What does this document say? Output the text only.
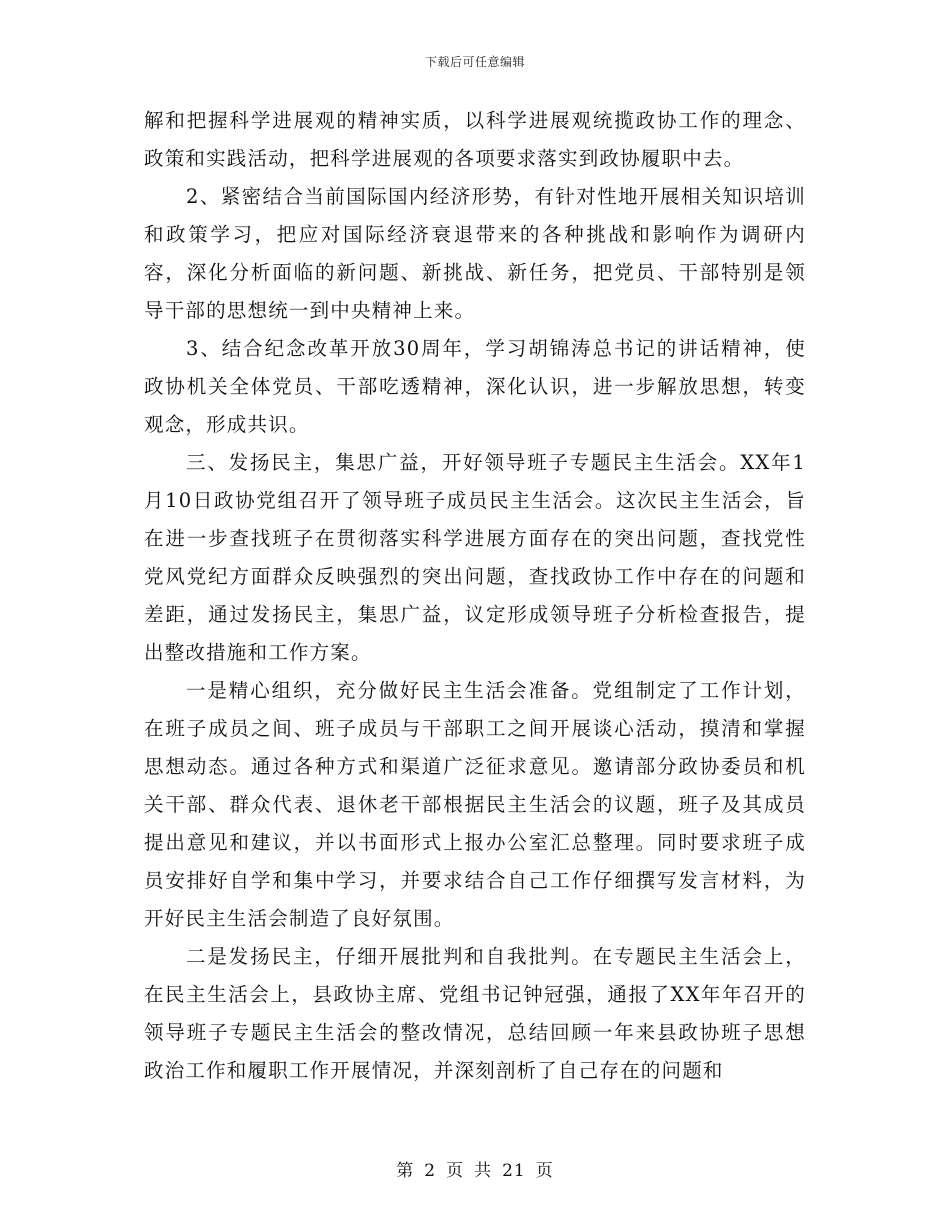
下载后可任意编辑

解和把握科学进展观的精神实质，以科学进展观统揽政协工作的理念、政策和实践活动，把科学进展观的各项要求落实到政协履职中去。

2、紧密结合当前国际国内经济形势，有针对性地开展相关知识培训和政策学习，把应对国际经济衰退带来的各种挑战和影响作为调研内容，深化分析面临的新问题、新挑战、新任务，把党员、干部特别是领导干部的思想统一到中央精神上来。

3、结合纪念改革开放30周年，学习胡锦涛总书记的讲话精神，使政协机关全体党员、干部吃透精神，深化认识，进一步解放思想，转变观念，形成共识。

三、发扬民主，集思广益，开好领导班子专题民主生活会。XX年1月10日政协党组召开了领导班子成员民主生活会。这次民主生活会，旨在进一步查找班子在贯彻落实科学进展方面存在的突出问题，查找党性党风党纪方面群众反映强烈的突出问题，查找政协工作中存在的问题和差距，通过发扬民主，集思广益，议定形成领导班子分析检查报告，提出整改措施和工作方案。

一是精心组织，充分做好民主生活会准备。党组制定了工作计划，在班子成员之间、班子成员与干部职工之间开展谈心活动，摸清和掌握思想动态。通过各种方式和渠道广泛征求意见。邀请部分政协委员和机关干部、群众代表、退休老干部根据民主生活会的议题，班子及其成员提出意见和建议，并以书面形式上报办公室汇总整理。同时要求班子成员安排好自学和集中学习，并要求结合自己工作仔细撰写发言材料，为开好民主生活会制造了良好氛围。

二是发扬民主，仔细开展批判和自我批判。在专题民主生活会上，在民主生活会上，县政协主席、党组书记钟冠强，通报了XX年年召开的领导班子专题民主生活会的整改情况，总结回顾一年来县政协班子思想政治工作和履职工作开展情况，并深刻剖析了自己存在的问题和

第 2 页 共 21 页
